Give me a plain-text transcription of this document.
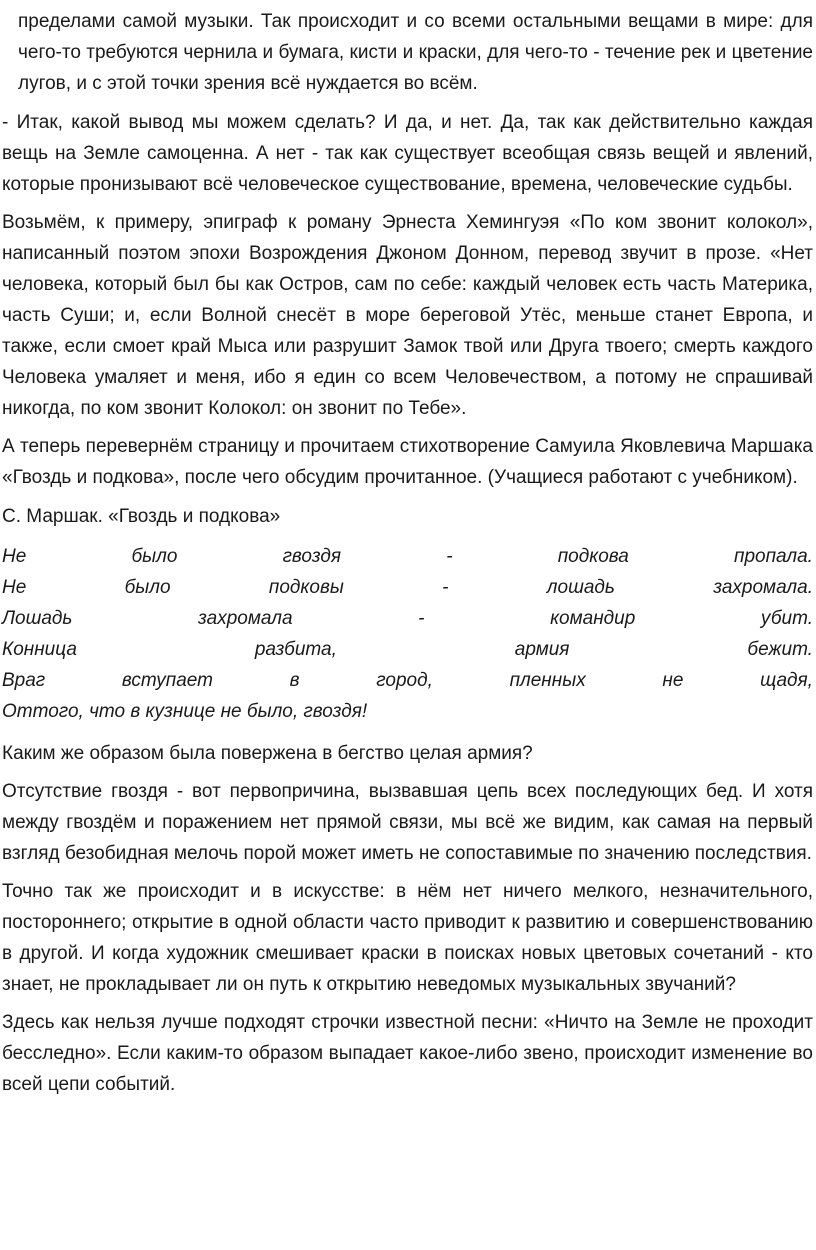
пределами самой музыки. Так происходит и со всеми остальными вещами в мире: для чего-то требуются чернила и бумага, кисти и краски, для чего-то - течение рек и цветение лугов, и с этой точки зрения всё нуждается во всём.

- Итак, какой вывод мы можем сделать? И да, и нет. Да, так как действительно каждая вещь на Земле самоценна. А нет - так как существует всеобщая связь вещей и явлений, которые пронизывают всё человеческое существование, времена, человеческие судьбы.

Возьмём, к примеру, эпиграф к роману Эрнеста Хемингуэя «По ком звонит колокол», написанный поэтом эпохи Возрождения Джоном Донном, перевод звучит в прозе. «Нет человека, который был бы как Остров, сам по себе: каждый человек есть часть Материка, часть Суши; и, если Волной снесёт в море береговой Утёс, меньше станет Европа, и также, если смоет край Мыса или разрушит Замок твой или Друга твоего; смерть каждого Человека умаляет и меня, ибо я един со всем Человечеством, а потому не спрашивай никогда, по ком звонит Колокол: он звонит по Тебе».

А теперь перевернём страницу и прочитаем стихотворение Самуила Яковлевича Маршака «Гвоздь и подкова», после чего обсудим прочитанное. (Учащиеся работают с учебником).

С. Маршак. «Гвоздь и подкова»

Не	было	гвоздя	-	подкова	пропала.
Не	было	подковы	-	лошадь	захромала.
Лошадь	захромала	-	командир	убит.
Конница	разбита,	армия	бежит.
Враг	вступает	в	город,	пленных	не	щадя,
Оттого, что в кузнице не было, гвоздя!

Каким же образом была повержена в бегство целая армия?

Отсутствие гвоздя - вот первопричина, вызвавшая цепь всех последующих бед. И хотя между гвоздём и поражением нет прямой связи, мы всё же видим, как самая на первый взгляд безобидная мелочь порой может иметь не сопоставимые по значению последствия.

Точно так же происходит и в искусстве: в нём нет ничего мелкого, незначительного, постороннего; открытие в одной области часто приводит к развитию и совершенствованию в другой. И когда художник смешивает краски в поисках новых цветовых сочетаний - кто знает, не прокладывает ли он путь к открытию неведомых музыкальных звучаний?

Здесь как нельзя лучше подходят строчки известной песни: «Ничто на Земле не проходит бесследно». Если каким-то образом выпадает какое-либо звено, происходит изменение во всей цепи событий.
